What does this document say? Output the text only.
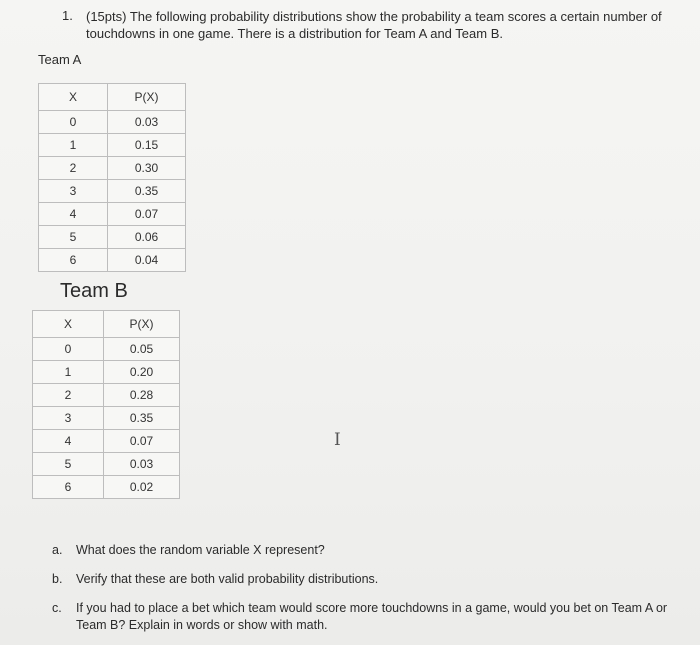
1. (15pts) The following probability distributions show the probability a team scores a certain number of touchdowns in one game. There is a distribution for Team A and Team B.
Team A
X	P(X)
0	0.03
1	0.15
2	0.30
3	0.35
4	0.07
5	0.06
6	0.04
Team B
X	P(X)
0	0.05
1	0.20
2	0.28
3	0.35
4	0.07
5	0.03
6	0.02
I
a. What does the random variable X represent?
b. Verify that these are both valid probability distributions.
c. If you had to place a bet which team would score more touchdowns in a game, would you bet on Team A or Team B? Explain in words or show with math.
